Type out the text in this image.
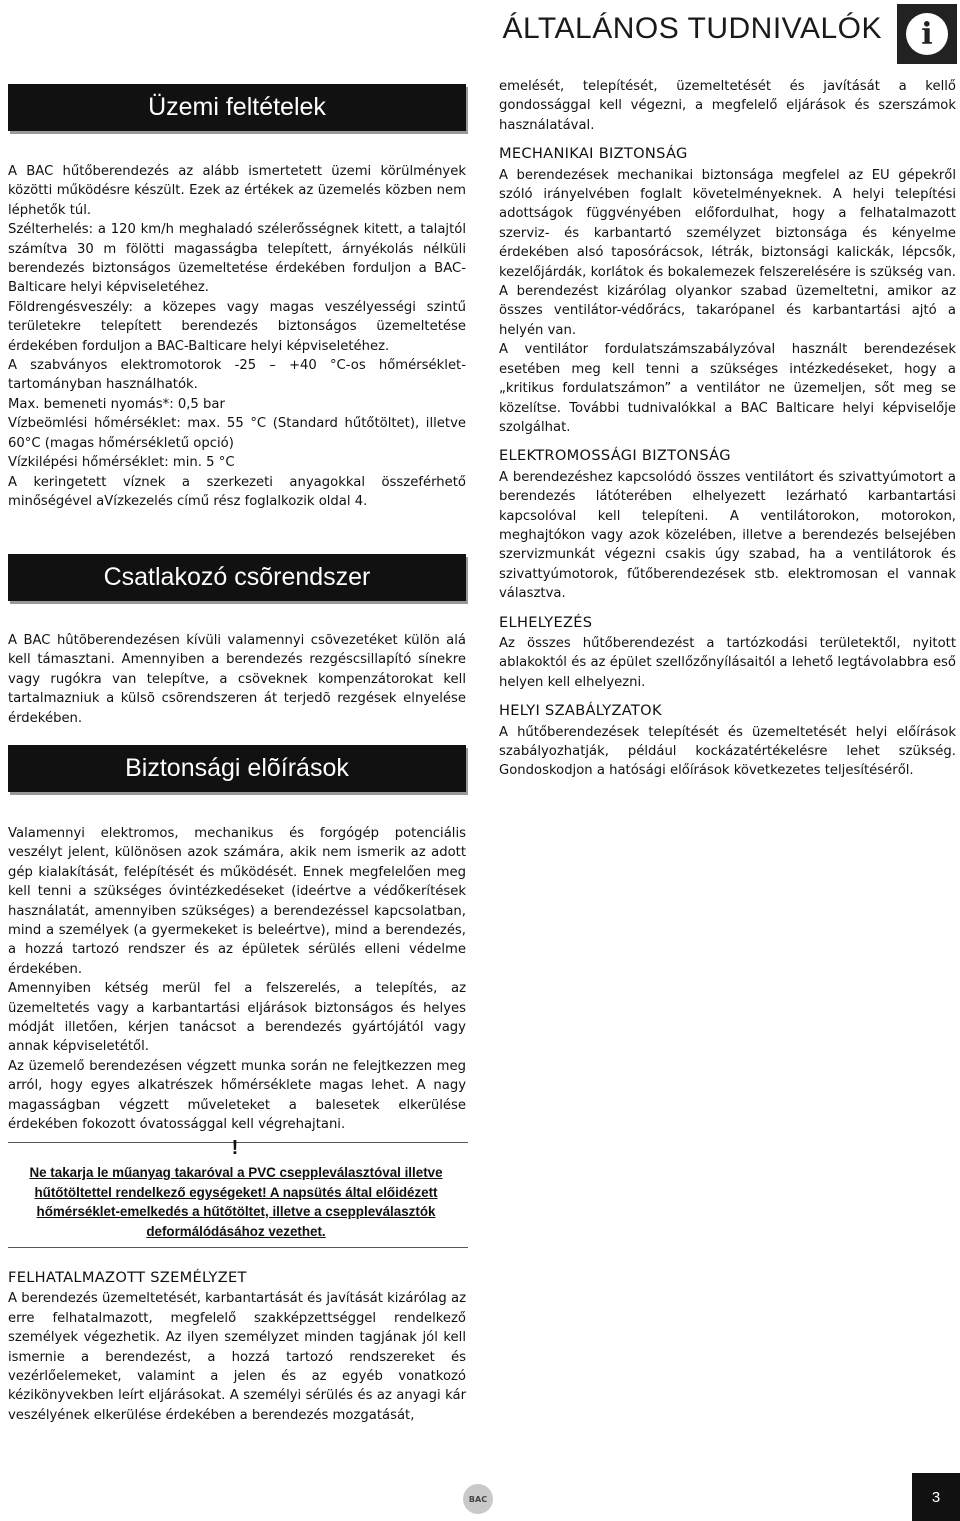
ÁLTALÁNOS TUDNIVALÓK	i
Üzemi feltételek

A BAC hűtőberendezés az alább ismertetett üzemi körülmények közötti működésre készült. Ezek az értékek az üzemelés közben nem léphetők túl.

Szélterhelés: a 120 km/h meghaladó szélerősségnek kitett, a talajtól számítva 30 m fölötti magasságba telepített, árnyékolás nélküli berendezés biztonságos üzemeltetése érdekében forduljon a BAC-Balticare helyi képviseletéhez.

Földrengésveszély: a közepes vagy magas veszélyességi szintű területekre telepített berendezés biztonságos üzemeltetése érdekében forduljon a BAC-Balticare helyi képviseletéhez.

A szabványos elektromotorok -25 – +40 °C-os hőmérséklet-tartományban használhatók.

Max. bemeneti nyomás*: 0,5 bar

Vízbeömlési hőmérséklet: max. 55 °C (Standard hűtőtöltet), illetve 60°C (magas hőmérsékletű opció)

Vízkilépési hőmérséklet: min. 5 °C

A keringetett víznek a szerkezeti anyagokkal összeférhető minőségével aVízkezelés című rész foglalkozik oldal 4.

Csatlakozó csõrendszer

A BAC hûtõberendezésen kívüli valamennyi csõvezetéket külön alá kell támasztani. Amennyiben a berendezés rezgéscsillapító sínekre vagy rugókra van telepítve, a csöveknek kompenzátorokat kell tartalmazniuk a külsõ csõrendszeren át terjedõ rezgések elnyelése érdekében.

Biztonsági elõírások

Valamennyi elektromos, mechanikus és forgógép potenciális veszélyt jelent, különösen azok számára, akik nem ismerik az adott gép kialakítását, felépítését és működését. Ennek megfelelően meg kell tenni a szükséges óvintézkedéseket (ideértve a védőkerítések használatát, amennyiben szükséges) a berendezéssel kapcsolatban, mind a személyek (a gyermekeket is beleértve), mind a berendezés, a hozzá tartozó rendszer és az épületek sérülés elleni védelme érdekében.

Amennyiben kétség merül fel a felszerelés, a telepítés, az üzemeltetés vagy a karbantartási eljárások biztonságos és helyes módját illetően, kérjen tanácsot a berendezés gyártójától vagy annak képviseletétől.

Az üzemelő berendezésen végzett munka során ne felejtkezzen meg arról, hogy egyes alkatrészek hőmérséklete magas lehet. A nagy magasságban végzett műveleteket a balesetek elkerülése érdekében fokozott óvatossággal kell végrehajtani.

!
Ne takarja le műanyag takaróval a PVC cseppleválasztóval illetve hűtőtöltettel rendelkező egységeket! A napsütés által előidézett hőmérséklet-emelkedés a hűtőtöltet, illetve a cseppleválasztók deformálódásához vezethet.
FELHATALMAZOTT SZEMÉLYZET

A berendezés üzemeltetését, karbantartását és javítását kizárólag az erre felhatalmazott, megfelelő szakképzettséggel rendelkező személyek végezhetik. Az ilyen személyzet minden tagjának jól kell ismernie a berendezést, a hozzá tartozó rendszereket és vezérlőelemeket, valamint a jelen és az egyéb vonatkozó kézikönyvekben leírt eljárásokat. A személyi sérülés és az anyagi kár veszélyének elkerülése érdekében a berendezés mozgatását,

emelését, telepítését, üzemeltetését és javítását a kellő gondossággal kell végezni, a megfelelő eljárások és szerszámok használatával.

MECHANIKAI BIZTONSÁG

A berendezések mechanikai biztonsága megfelel az EU gépekről szóló irányelvében foglalt követelményeknek. A helyi telepítési adottságok függvényében előfordulhat, hogy a felhatalmazott szerviz- és karbantartó személyzet biztonsága és kényelme érdekében alsó taposórácsok, létrák, biztonsági kalickák, lépcsők, kezelőjárdák, korlátok és bokalemezek felszerelésére is szükség van. A berendezést kizárólag olyankor szabad üzemeltetni, amikor az összes ventilátor-védőrács, takarópanel és karbantartási ajtó a helyén van.

A ventilátor fordulatszámszabályzóval használt berendezések esetében meg kell tenni a szükséges intézkedéseket, hogy a „kritikus fordulatszámon” a ventilátor ne üzemeljen, sőt meg se közelítse. További tudnivalókkal a BAC Balticare helyi képviselője szolgálhat.

ELEKTROMOSSÁGI BIZTONSÁG

A berendezéshez kapcsolódó összes ventilátort és szivattyúmotort a berendezés látóterében elhelyezett lezárható karbantartási kapcsolóval kell telepíteni. A ventilátorokon, motorokon, meghajtókon vagy azok közelében, illetve a berendezés belsejében szervizmunkát végezni csakis úgy szabad, ha a ventilátorok és szivattyúmotorok, fűtőberendezések stb. elektromosan el vannak választva.

ELHELYEZÉS

Az összes hűtőberendezést a tartózkodási területektől, nyitott ablakoktól és az épület szellőzőnyílásaitól a lehető legtávolabbra eső helyen kell elhelyezni.

HELYI SZABÁLYZATOK

A hűtőberendezések telepítését és üzemeltetését helyi előírások szabályozhatják, például kockázatértékelésre lehet szükség. Gondoskodjon a hatósági előírások következetes teljesítéséről.

BAC	3
